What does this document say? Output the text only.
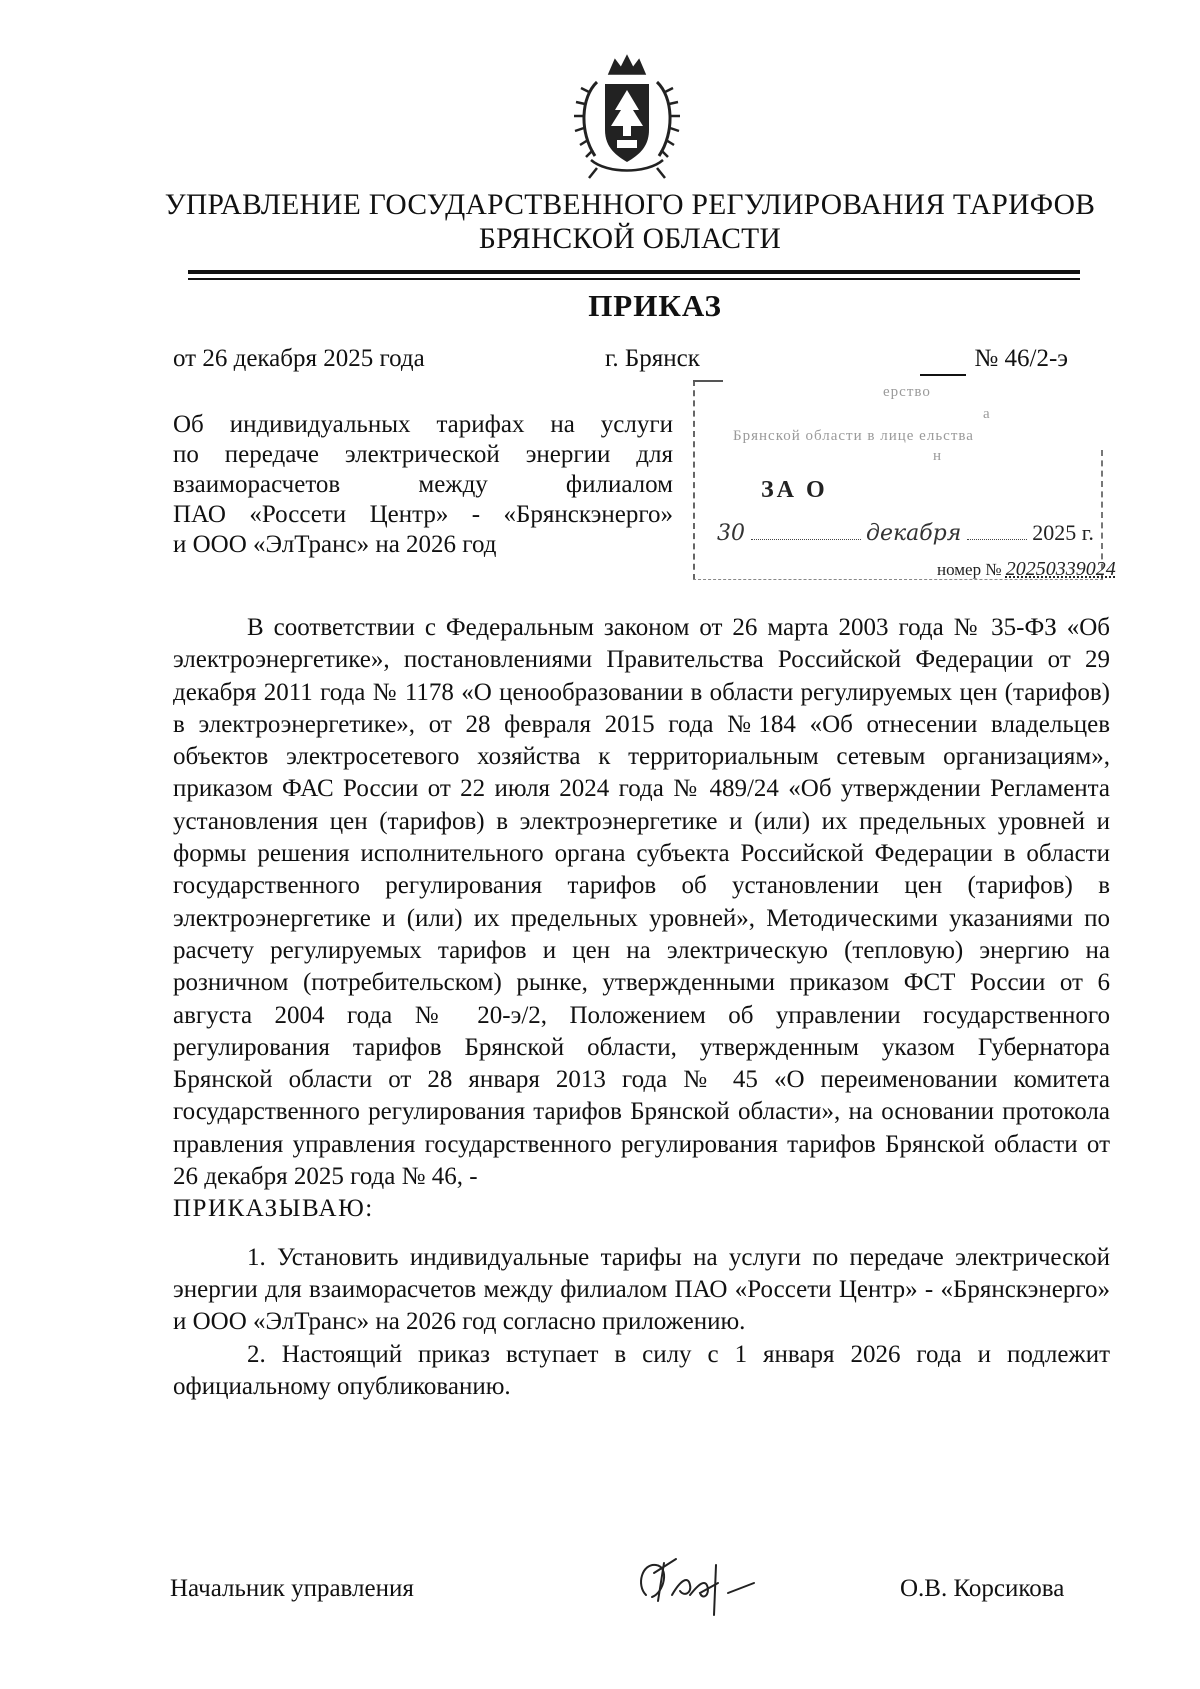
УПРАВЛЕНИЕ ГОСУДАРСТВЕННОГО РЕГУЛИРОВАНИЯ ТАРИФОВ
БРЯНСКОЙ ОБЛАСТИ
ПРИКАЗ
от 26 декабря 2025 года	г. Брянск	№ 46/2-э
Об индивидуальных тарифах на услуги
по передаче электрической энергии для
взаиморасчетов между филиалом
ПАО «Россети Центр» - «Брянскэнерго»
и ООО «ЭлТранс» на 2026 год
ерство
а
Брянской области в лице ельства
н
ЗА О
30	декабря	2025 г.
номер № 20250339024

В соответствии с Федеральным законом от 26 марта 2003 года № 35-ФЗ «Об электроэнергетике», постановлениями Правительства Российской Федерации от 29 декабря 2011 года № 1178 «О ценообразовании в области регулируемых цен (тарифов) в электроэнергетике», от 28 февраля 2015 года №184 «Об отнесении владельцев объектов электросетевого хозяйства к территориальным сетевым организациям», приказом ФАС России от 22 июля 2024 года № 489/24 «Об утверждении Регламента установления цен (тарифов) в электроэнергетике и (или) их предельных уровней и формы решения исполнительного органа субъекта Российской Федерации в области государственного регулирования тарифов об установлении цен (тарифов) в электроэнергетике и (или) их предельных уровней», Методическими указаниями по расчету регулируемых тарифов и цен на электрическую (тепловую) энергию на розничном (потребительском) рынке, утвержденными приказом ФСТ России от 6 августа 2004 года № 20-э/2, Положением об управлении государственного регулирования тарифов Брянской области, утвержденным указом Губернатора Брянской области от 28 января 2013 года № 45 «О переименовании комитета государственного регулирования тарифов Брянской области», на основании протокола правления управления государственного регулирования тарифов Брянской области от 26 декабря 2025 года № 46, -

ПРИКАЗЫВАЮ:

1. Установить индивидуальные тарифы на услуги по передаче электрической энергии для взаиморасчетов между филиалом ПАО «Россети Центр» - «Брянскэнерго» и ООО «ЭлТранс» на 2026 год согласно приложению.

2. Настоящий приказ вступает в силу с 1 января 2026 года и подлежит официальному опубликованию.

Начальник управления	О.В. Корсикова
